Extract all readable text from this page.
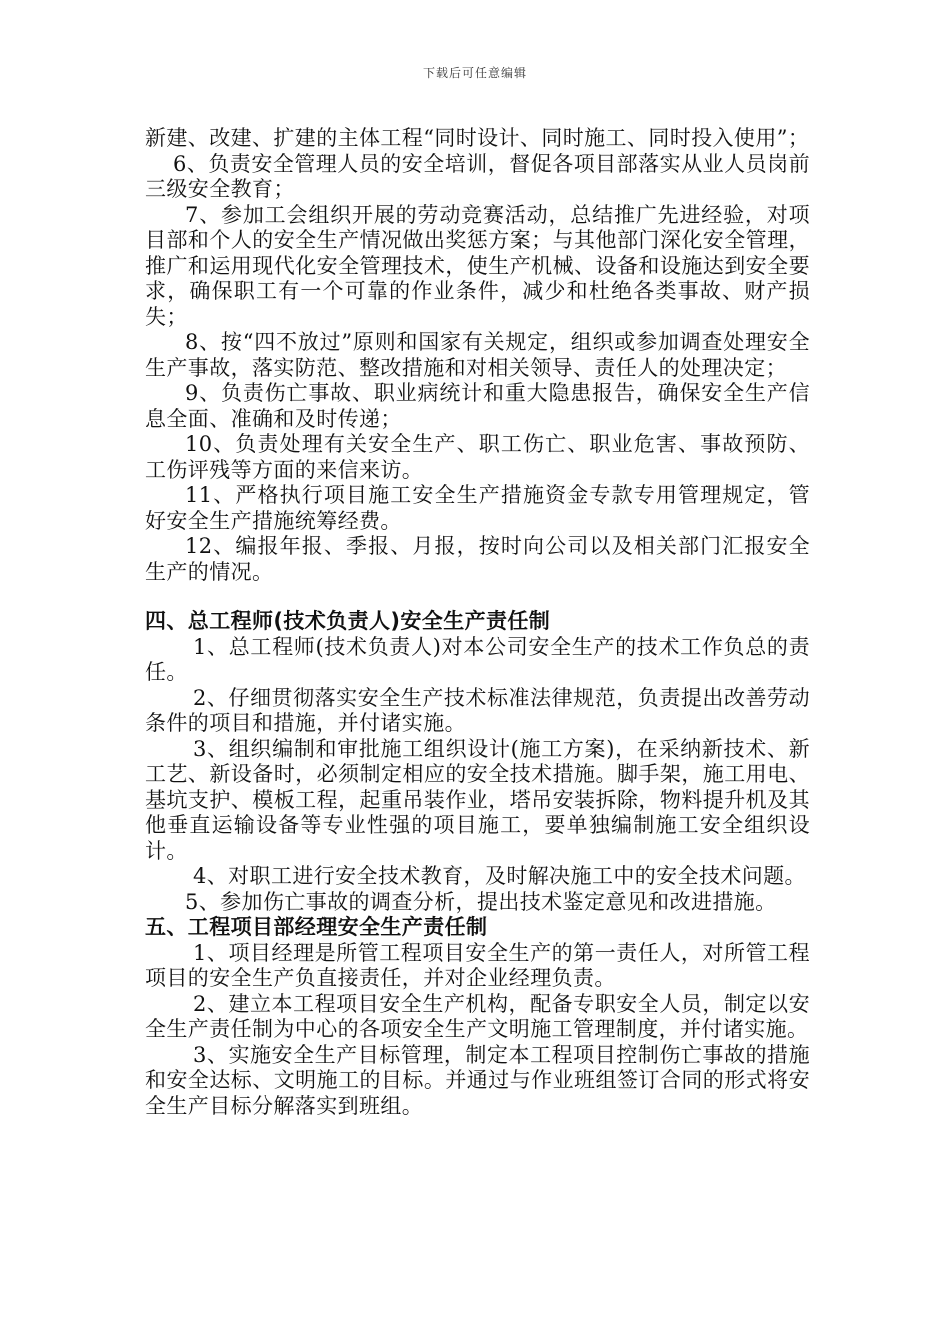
下载后可任意编辑

新建、改建、扩建的主体工程“同时设计、同时施工、同时投入使用”；

6、负责安全管理人员的安全培训，督促各项目部落实从业人员岗前三级安全教育；

7、参加工会组织开展的劳动竞赛活动，总结推广先进经验，对项目部和个人的安全生产情况做出奖惩方案；与其他部门深化安全管理，推广和运用现代化安全管理技术，使生产机械、设备和设施达到安全要求，确保职工有一个可靠的作业条件，减少和杜绝各类事故、财产损失；

8、按“四不放过”原则和国家有关规定，组织或参加调查处理安全生产事故，落实防范、整改措施和对相关领导、责任人的处理决定；

9、负责伤亡事故、职业病统计和重大隐患报告，确保安全生产信息全面、准确和及时传递；

10、负责处理有关安全生产、职工伤亡、职业危害、事故预防、工伤评残等方面的来信来访。

11、严格执行项目施工安全生产措施资金专款专用管理规定，管好安全生产措施统筹经费。

12、编报年报、季报、月报，按时向公司以及相关部门汇报安全生产的情况。

四、总工程师(技术负责人)安全生产责任制

1、总工程师(技术负责人)对本公司安全生产的技术工作负总的责任。

2、仔细贯彻落实安全生产技术标准法律规范，负责提出改善劳动条件的项目和措施，并付诸实施。

3、组织编制和审批施工组织设计(施工方案)，在采纳新技术、新工艺、新设备时，必须制定相应的安全技术措施。脚手架，施工用电、基坑支护、模板工程，起重吊装作业，塔吊安装拆除，物料提升机及其他垂直运输设备等专业性强的项目施工，要单独编制施工安全组织设计。

4、对职工进行安全技术教育，及时解决施工中的安全技术问题。

5、参加伤亡事故的调查分析，提出技术鉴定意见和改进措施。

五、工程项目部经理安全生产责任制

1、项目经理是所管工程项目安全生产的第一责任人，对所管工程项目的安全生产负直接责任，并对企业经理负责。

2、建立本工程项目安全生产机构，配备专职安全人员，制定以安全生产责任制为中心的各项安全生产文明施工管理制度，并付诸实施。

3、实施安全生产目标管理，制定本工程项目控制伤亡事故的措施和安全达标、文明施工的目标。并通过与作业班组签订合同的形式将安全生产目标分解落实到班组。
